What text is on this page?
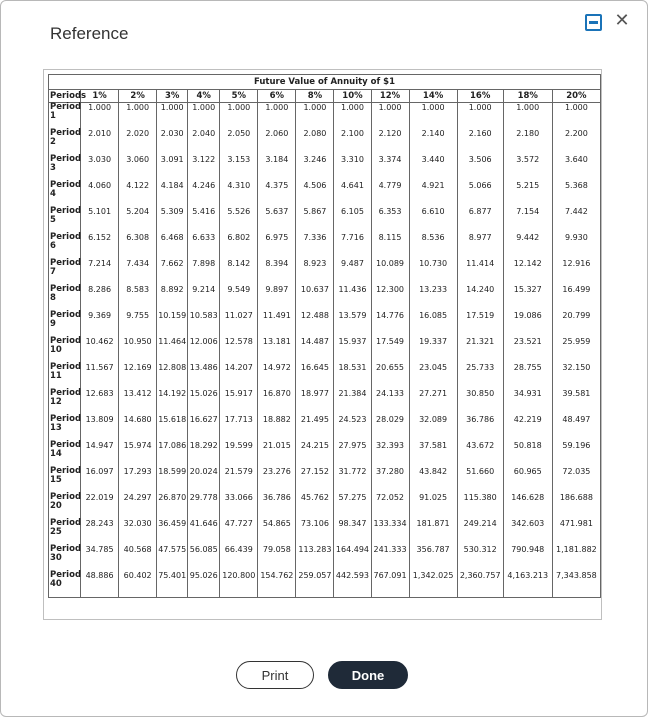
Reference
✕
Future Value of Annuity of $1													
Periods	1%	2%	3%	4%	5%	6%	8%	10%	12%	14%	16%	18%	20%
Period 1	1.000	1.000	1.000	1.000	1.000	1.000	1.000	1.000	1.000	1.000	1.000	1.000	1.000

Period 2	2.010	2.020	2.030	2.040	2.050	2.060	2.080	2.100	2.120	2.140	2.160	2.180	2.200

Period 3	3.030	3.060	3.091	3.122	3.153	3.184	3.246	3.310	3.374	3.440	3.506	3.572	3.640

Period 4	4.060	4.122	4.184	4.246	4.310	4.375	4.506	4.641	4.779	4.921	5.066	5.215	5.368

Period 5	5.101	5.204	5.309	5.416	5.526	5.637	5.867	6.105	6.353	6.610	6.877	7.154	7.442

Period 6	6.152	6.308	6.468	6.633	6.802	6.975	7.336	7.716	8.115	8.536	8.977	9.442	9.930

Period 7	7.214	7.434	7.662	7.898	8.142	8.394	8.923	9.487	10.089	10.730	11.414	12.142	12.916

Period 8	8.286	8.583	8.892	9.214	9.549	9.897	10.637	11.436	12.300	13.233	14.240	15.327	16.499

Period 9	9.369	9.755	10.159	10.583	11.027	11.491	12.488	13.579	14.776	16.085	17.519	19.086	20.799

Period 10	10.462	10.950	11.464	12.006	12.578	13.181	14.487	15.937	17.549	19.337	21.321	23.521	25.959

Period 11	11.567	12.169	12.808	13.486	14.207	14.972	16.645	18.531	20.655	23.045	25.733	28.755	32.150

Period 12	12.683	13.412	14.192	15.026	15.917	16.870	18.977	21.384	24.133	27.271	30.850	34.931	39.581

Period 13	13.809	14.680	15.618	16.627	17.713	18.882	21.495	24.523	28.029	32.089	36.786	42.219	48.497

Period 14	14.947	15.974	17.086	18.292	19.599	21.015	24.215	27.975	32.393	37.581	43.672	50.818	59.196

Period 15	16.097	17.293	18.599	20.024	21.579	23.276	27.152	31.772	37.280	43.842	51.660	60.965	72.035

Period 20	22.019	24.297	26.870	29.778	33.066	36.786	45.762	57.275	72.052	91.025	115.380	146.628	186.688

Period 25	28.243	32.030	36.459	41.646	47.727	54.865	73.106	98.347	133.334	181.871	249.214	342.603	471.981

Period 30	34.785	40.568	47.575	56.085	66.439	79.058	113.283	164.494	241.333	356.787	530.312	790.948	1,181.882

Period 40	48.886	60.402	75.401	95.026	120.800	154.762	259.057	442.593	767.091	1,342.025	2,360.757	4,163.213	7,343.858
Print	Done
